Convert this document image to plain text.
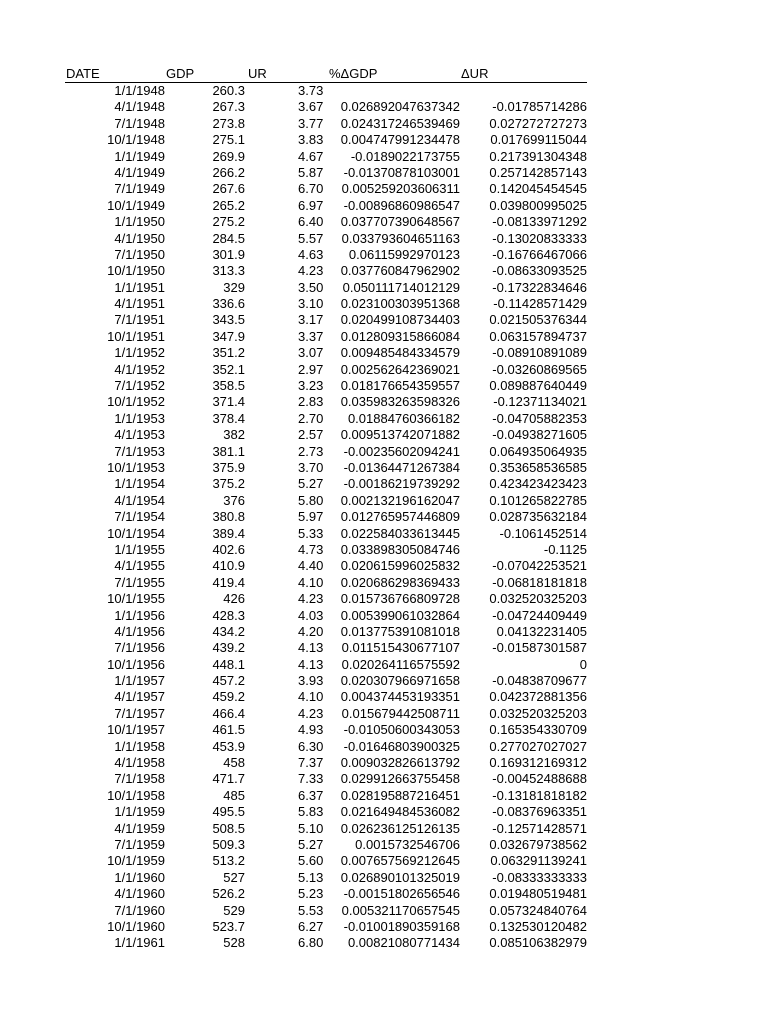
DATE	GDP	UR	%ΔGDP	ΔUR
1/1/1948	260.3	3.73
4/1/1948	267.3	3.67 0.026892047637342 -0.01785714286
7/1/1948	273.8	3.77 0.024317246539469 0.027272727273
10/1/1948	275.1	3.83 0.004747991234478 0.017699115044
1/1/1949	269.9	4.67 -0.0189022173755 0.217391304348
4/1/1949	266.2	5.87 -0.01370878103001 0.257142857143
7/1/1949	267.6	6.70 0.005259203606311 0.142045454545
10/1/1949	265.2	6.97 -0.00896860986547 0.039800995025
1/1/1950	275.2	6.40 0.037707390648567 -0.08133971292
4/1/1950	284.5	5.57 0.033793604651163 -0.13020833333
7/1/1950	301.9	4.63 0.06115992970123 -0.16766467066
10/1/1950	313.3	4.23 0.037760847962902 -0.08633093525
1/1/1951	329	3.50 0.050111714012129 -0.17322834646
4/1/1951	336.6	3.10 0.023100303951368	-0.11428571429
7/1/1951	343.5	3.17 0.020499108734403 0.021505376344
10/1/1951	347.9	3.37 0.012809315866084 0.063157894737
1/1/1952	351.2	3.07 0.009485484334579 -0.08910891089
4/1/1952	352.1	2.97 0.002562642369021 -0.03260869565
7/1/1952	358.5	3.23 0.018176654359557 0.089887640449
10/1/1952	371.4	2.83 0.035983263598326	-0.12371134021
1/1/1953	378.4	2.70 0.01884760366182 -0.04705882353
4/1/1953	382	2.57 0.009513742071882 -0.04938271605
7/1/1953	381.1	2.73 -0.00235602094241 0.064935064935
10/1/1953	375.9	3.70 -0.01364471267384 0.353658536585
1/1/1954	375.2	5.27 -0.00186219739292 0.423423423423
4/1/1954	376	5.80 0.002132196162047 0.101265822785
7/1/1954	380.8	5.97 0.012765957446809 0.028735632184
10/1/1954	389.4	5.33 0.022584033613445	-0.1061452514
1/1/1955	402.6	4.73 0.033898305084746	-0.1125
4/1/1955	410.9	4.40 0.020615996025832 -0.07042253521
7/1/1955	419.4	4.10 0.020686298369433 -0.06818181818
10/1/1955	426	4.23 0.015736766809728 0.032520325203
1/1/1956	428.3	4.03 0.005399061032864 -0.04724409449
4/1/1956	434.2	4.20 0.013775391081018	0.04132231405
7/1/1956	439.2	4.13 0.011515430677107 -0.01587301587
10/1/1956	448.1	4.13 0.020264116575592	0
1/1/1957	457.2	3.93 0.020307966971658 -0.04838709677
4/1/1957	459.2	4.10 0.004374453193351 0.042372881356
7/1/1957	466.4	4.23 0.015679442508711 0.032520325203
10/1/1957	461.5	4.93 -0.01050600343053 0.165354330709
1/1/1958	453.9	6.30 -0.01646803900325 0.277027027027
4/1/1958	458	7.37 0.009032826613792 0.169312169312
7/1/1958	471.7	7.33 0.029912663755458 -0.00452488688
10/1/1958	485	6.37 0.028195887216451 -0.13181818182
1/1/1959	495.5	5.83 0.021649484536082 -0.08376963351
4/1/1959	508.5	5.10 0.026236125126135 -0.12571428571
7/1/1959	509.3	5.27 0.0015732546706 0.032679738562
10/1/1959	513.2	5.60 0.007657569212645 0.063291139241
1/1/1960	527	5.13 0.026890101325019 -0.08333333333
4/1/1960	526.2	5.23 -0.00151802656546 0.019480519481
7/1/1960	529	5.53 0.005321170657545 0.057324840764
10/1/1960	523.7	6.27 -0.01001890359168 0.132530120482
1/1/1961	528	6.80 0.00821080771434 0.085106382979
